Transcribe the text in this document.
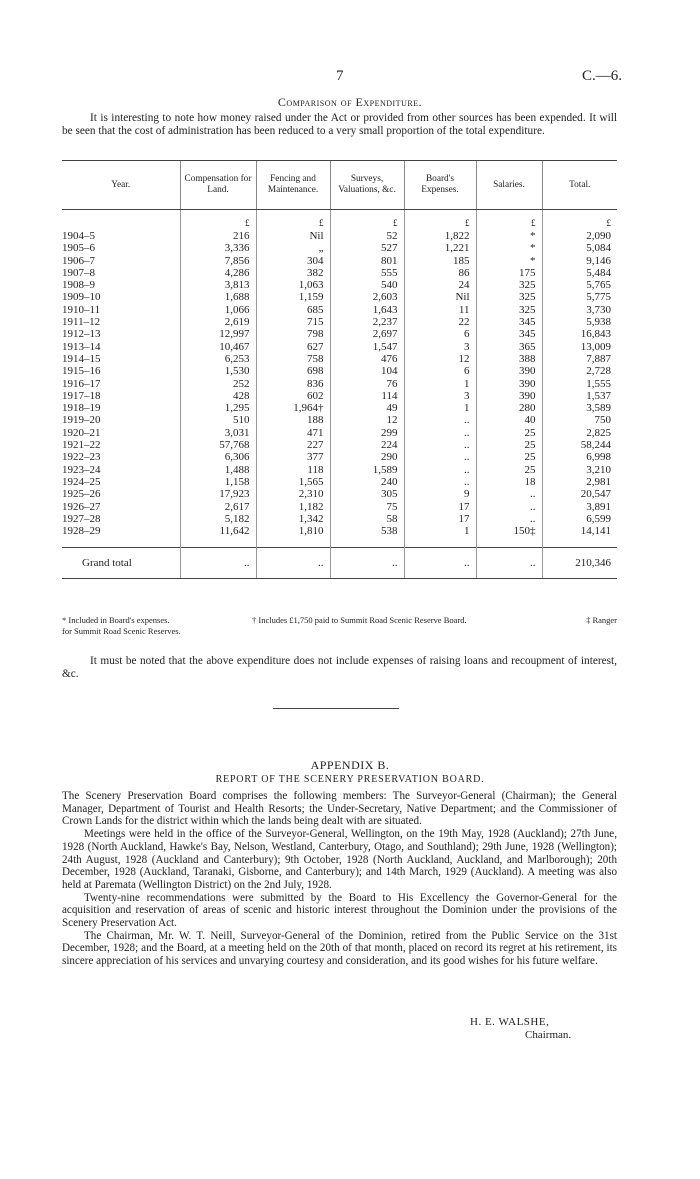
7	C.—6.
Comparison of Expenditure.
It is interesting to note how money raised under the Act or provided from other sources has been expended. It will be seen that the cost of administration has been reduced to a very small proportion of the total expenditure.
Year.	Compensation for Land.	Fencing and Maintenance.	Surveys, Valuations, &c.	Board's Expenses.	Salaries.	Total.

	£	£	£	£	£	£
1904–5	216	Nil	52	1,822	*	2,090
1905–6	3,336	„	527	1,221	*	5,084
1906–7	7,856	304	801	185	*	9,146
1907–8	4,286	382	555	86	175	5,484
1908–9	3,813	1,063	540	24	325	5,765
1909–10	1,688	1,159	2,603	Nil	325	5,775
1910–11	1,066	685	1,643	11	325	3,730
1911–12	2,619	715	2,237	22	345	5,938
1912–13	12,997	798	2,697	6	345	16,843
1913–14	10,467	627	1,547	3	365	13,009
1914–15	6,253	758	476	12	388	7,887
1915–16	1,530	698	104	6	390	2,728
1916–17	252	836	76	1	390	1,555
1917–18	428	602	114	3	390	1,537
1918–19	1,295	1,964†	49	1	280	3,589
1919–20	510	188	12	..	40	750
1920–21	3,031	471	299	..	25	2,825
1921–22	57,768	227	224	..	25	58,244
1922–23	6,306	377	290	..	25	6,998
1923–24	1,488	118	1,589	..	25	3,210
1924–25	1,158	1,565	240	..	18	2,981
1925–26	17,923	2,310	305	9	..	20,547
1926–27	2,617	1,182	75	17	..	3,891
1927–28	5,182	1,342	58	17	..	6,599
1928–29	11,642	1,810	538	1	150‡	14,141

Grand total	..	..	..	..	..	210,346
* Included in Board's expenses.	† Includes £1,750 paid to Summit Road Scenic Reserve Board.	‡ Ranger
for Summit Road Scenic Reserves.
It must be noted that the above expenditure does not include expenses of raising loans and recoupment of interest, &c.
APPENDIX B.
REPORT OF THE SCENERY PRESERVATION BOARD.

The Scenery Preservation Board comprises the following members: The Surveyor-General (Chairman); the General Manager, Department of Tourist and Health Resorts; the Under-Secretary, Native Department; and the Commissioner of Crown Lands for the district within which the lands being dealt with are situated.

Meetings were held in the office of the Surveyor-General, Wellington, on the 19th May, 1928 (Auckland); 27th June, 1928 (North Auckland, Hawke's Bay, Nelson, Westland, Canterbury, Otago, and Southland); 29th June, 1928 (Wellington); 24th August, 1928 (Auckland and Canterbury); 9th October, 1928 (North Auckland, Auckland, and Marlborough); 20th December, 1928 (Auckland, Taranaki, Gisborne, and Canterbury); and 14th March, 1929 (Auckland). A meeting was also held at Paremata (Wellington District) on the 2nd July, 1928.

Twenty-nine recommendations were submitted by the Board to His Excellency the Governor-General for the acquisition and reservation of areas of scenic and historic interest throughout the Dominion under the provisions of the Scenery Preservation Act.

The Chairman, Mr. W. T. Neill, Surveyor-General of the Dominion, retired from the Public Service on the 31st December, 1928; and the Board, at a meeting held on the 20th of that month, placed on record its regret at his retirement, its sincere appreciation of his services and unvarying courtesy and consideration, and its good wishes for his future welfare.

H. E. WALSHE,
Chairman.
